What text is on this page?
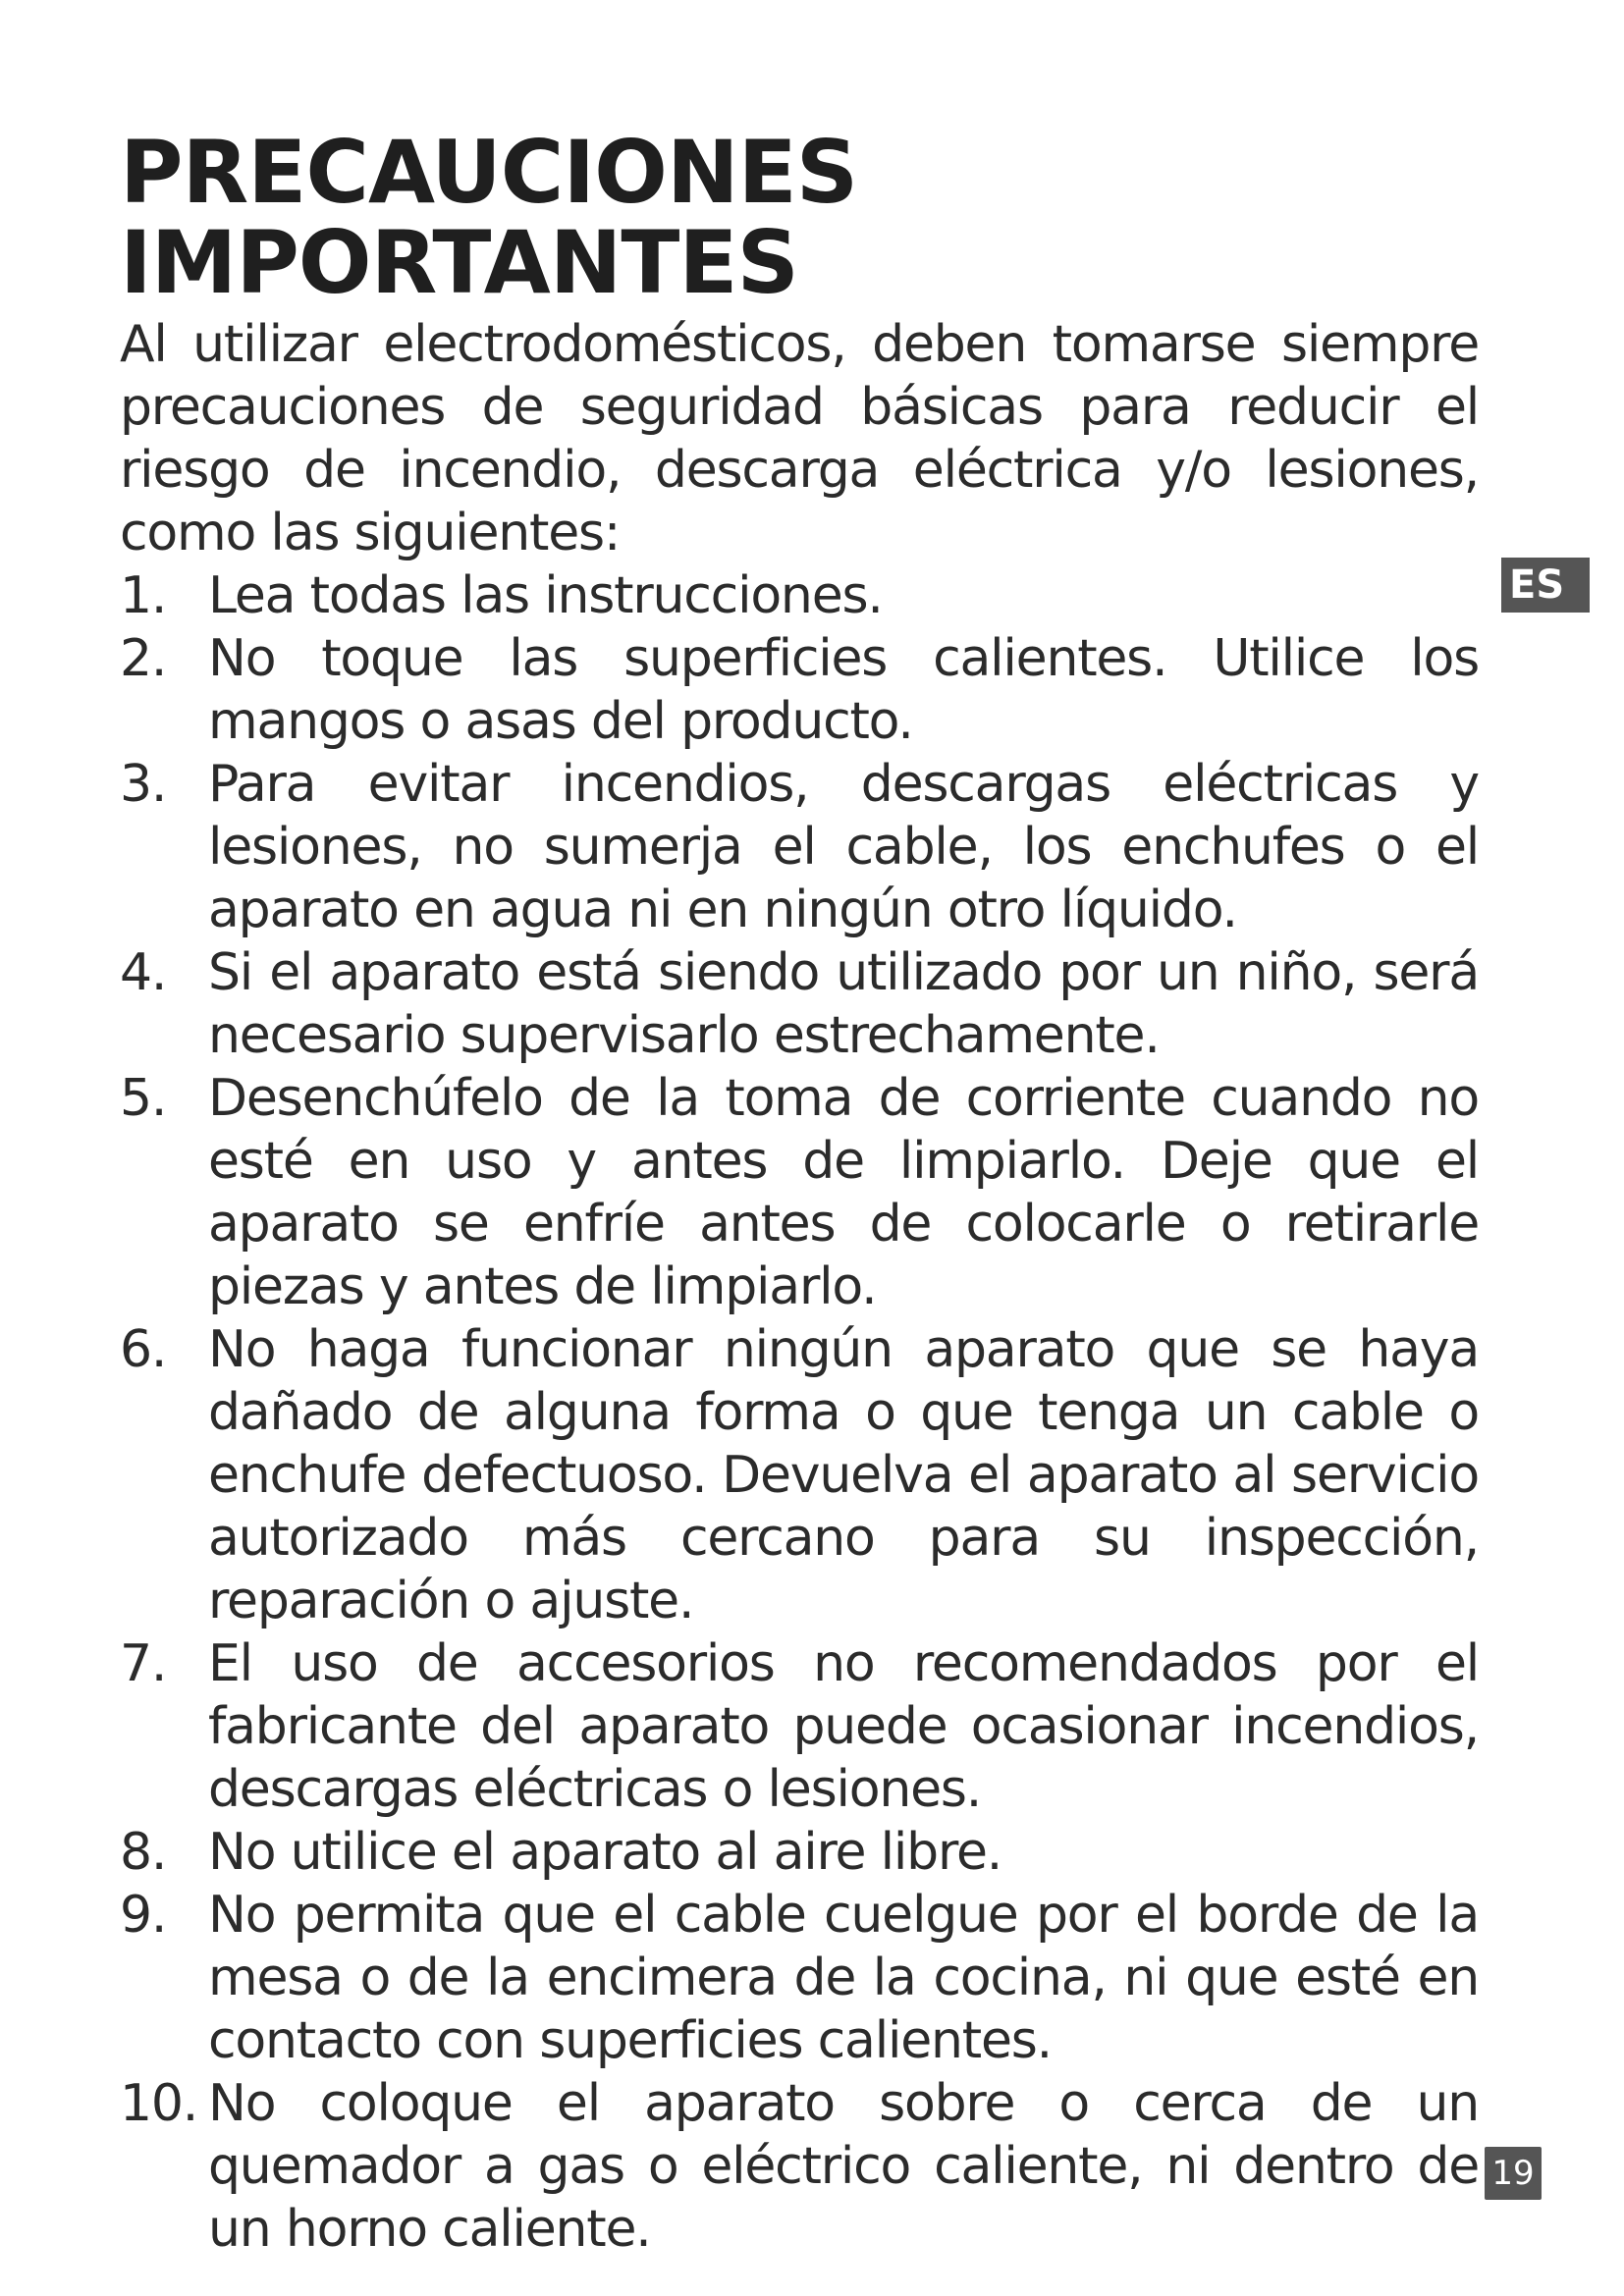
PRECAUCIONES IMPORTANTES

Al utilizar electrodomésticos, deben tomarse siempre precauciones de seguridad básicas para reducir el riesgo de incendio, descarga eléctrica y/o lesiones, como las siguientes:

1. Lea todas las instrucciones.
2. No toque las superficies calientes. Utilice los mangos o asas del producto.
3. Para evitar incendios, descargas eléctricas y lesiones, no sumerja el cable, los enchufes o el aparato en agua ni en ningún otro líquido.
4. Si el aparato está siendo utilizado por un niño, será necesario supervisarlo estrechamente.
5. Desenchúfelo de la toma de corriente cuando no esté en uso y antes de limpiarlo. Deje que el aparato se enfríe antes de colocarle o retirarle piezas y antes de limpiarlo.
6. No haga funcionar ningún aparato que se haya dañado de alguna forma o que tenga un cable o enchufe defectuoso. Devuelva el aparato al servicio autorizado más cercano para su inspección, reparación o ajuste.
7. El uso de accesorios no recomendados por el fabricante del aparato puede ocasionar incendios, descargas eléctricas o lesiones.
8. No utilice el aparato al aire libre.
9. No permita que el cable cuelgue por el borde de la mesa o de la encimera de la cocina, ni que esté en contacto con superficies calientes.
10. No coloque el aparato sobre o cerca de un quemador a gas o eléctrico caliente, ni dentro de un horno caliente.
ES
19
